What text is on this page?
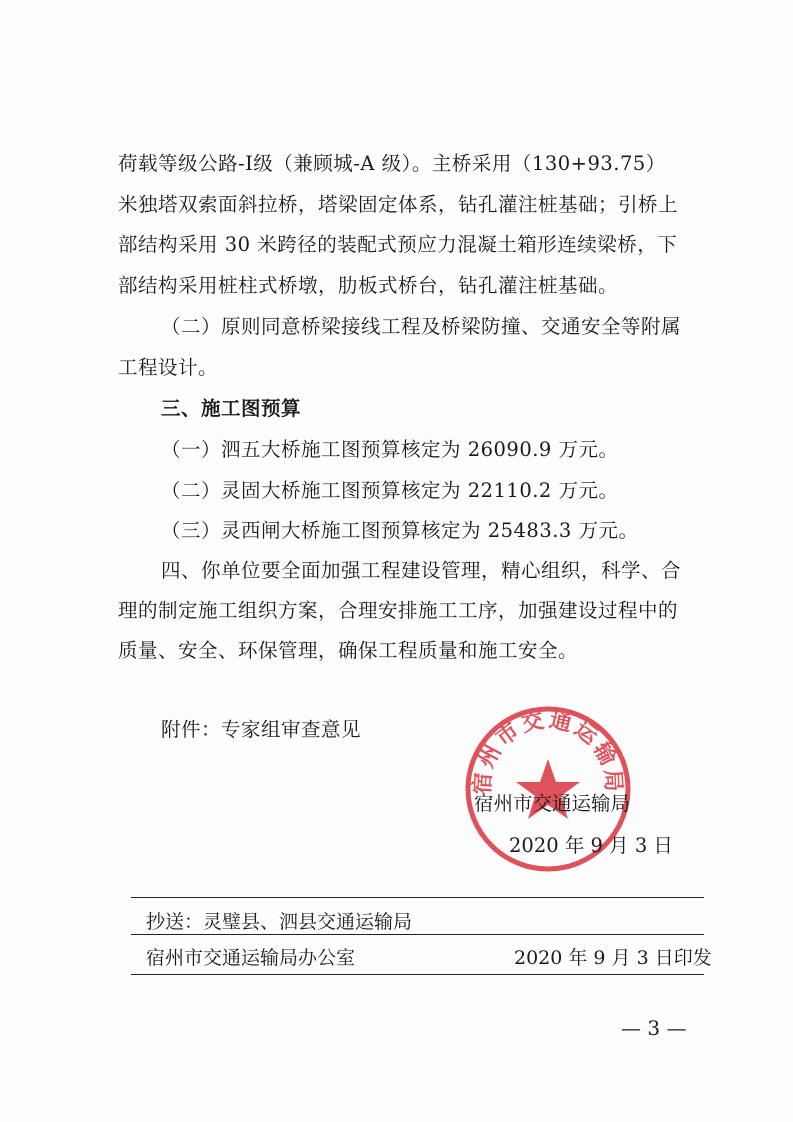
荷载等级公路-Ⅰ级（兼顾城-A 级）。主桥采用（130+93.75）
米独塔双索面斜拉桥，塔梁固定体系，钻孔灌注桩基础；引桥上
部结构采用 30 米跨径的装配式预应力混凝土箱形连续梁桥，下
部结构采用桩柱式桥墩，肋板式桥台，钻孔灌注桩基础。
（二）原则同意桥梁接线工程及桥梁防撞、交通安全等附属
工程设计。
三、施工图预算
（一）泗五大桥施工图预算核定为 26090.9 万元。
（二）灵固大桥施工图预算核定为 22110.2 万元。
（三）灵西闸大桥施工图预算核定为 25483.3 万元。
四、你单位要全面加强工程建设管理，精心组织，科学、合
理的制定施工组织方案，合理安排施工工序，加强建设过程中的
质量、安全、环保管理，确保工程质量和施工安全。
附件：专家组审查意见
宿州市交通运输局
宿州市交通运输局
2020 年 9 月 3 日
抄送：灵璧县、泗县交通运输局
宿州市交通运输局办公室	2020 年 9 月 3 日印发
— 3 —
